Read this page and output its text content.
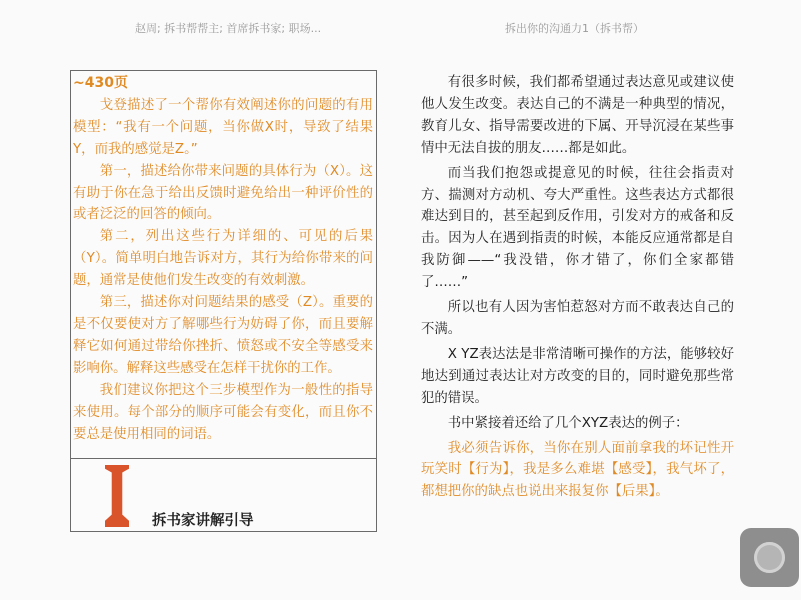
赵周; 拆书帮帮主; 首席拆书家; 职场...	拆出你的沟通力1（拆书帮）

~430页

戈登描述了一个帮你有效阐述你的问题的有用模型：“我有一个问题，当你做X时，导致了结果Y，而我的感觉是Z。”

第一，描述给你带来问题的具体行为（X）。这有助于你在急于给出反馈时避免给出一种评价性的或者泛泛的回答的倾向。

第二，列出这些行为详细的、可见的后果（Y）。简单明白地告诉对方，其行为给你带来的问题，通常是使他们发生改变的有效刺激。

第三，描述你对问题结果的感受（Z）。重要的是不仅要使对方了解哪些行为妨碍了你，而且要解释它如何通过带给你挫折、愤怒或不安全等感受来影响你。解释这些感受在怎样干扰你的工作。

我们建议你把这个三步模型作为一般性的指导来使用。每个部分的顺序可能会有变化，而且你不要总是使用相同的词语。

拆书家讲解引导

有很多时候，我们都希望通过表达意见或建议使他人发生改变。表达自己的不满是一种典型的情况，教育儿女、指导需要改进的下属、开导沉浸在某些事情中无法自拔的朋友……都是如此。

而当我们抱怨或提意见的时候，往往会指责对方、揣测对方动机、夸大严重性。这些表达方式都很难达到目的，甚至起到反作用，引发对方的戒备和反击。因为人在遇到指责的时候，本能反应通常都是自我防御——“我没错，你才错了，你们全家都错了……”

所以也有人因为害怕惹怒对方而不敢表达自己的不满。

X YZ表达法是非常清晰可操作的方法，能够较好地达到通过表达让对方改变的目的，同时避免那些常犯的错误。

书中紧接着还给了几个XYZ表达的例子：

我必须告诉你，当你在别人面前拿我的坏记性开玩笑时【行为】，我是多么难堪【感受】，我气坏了，都想把你的缺点也说出来报复你【后果】。
